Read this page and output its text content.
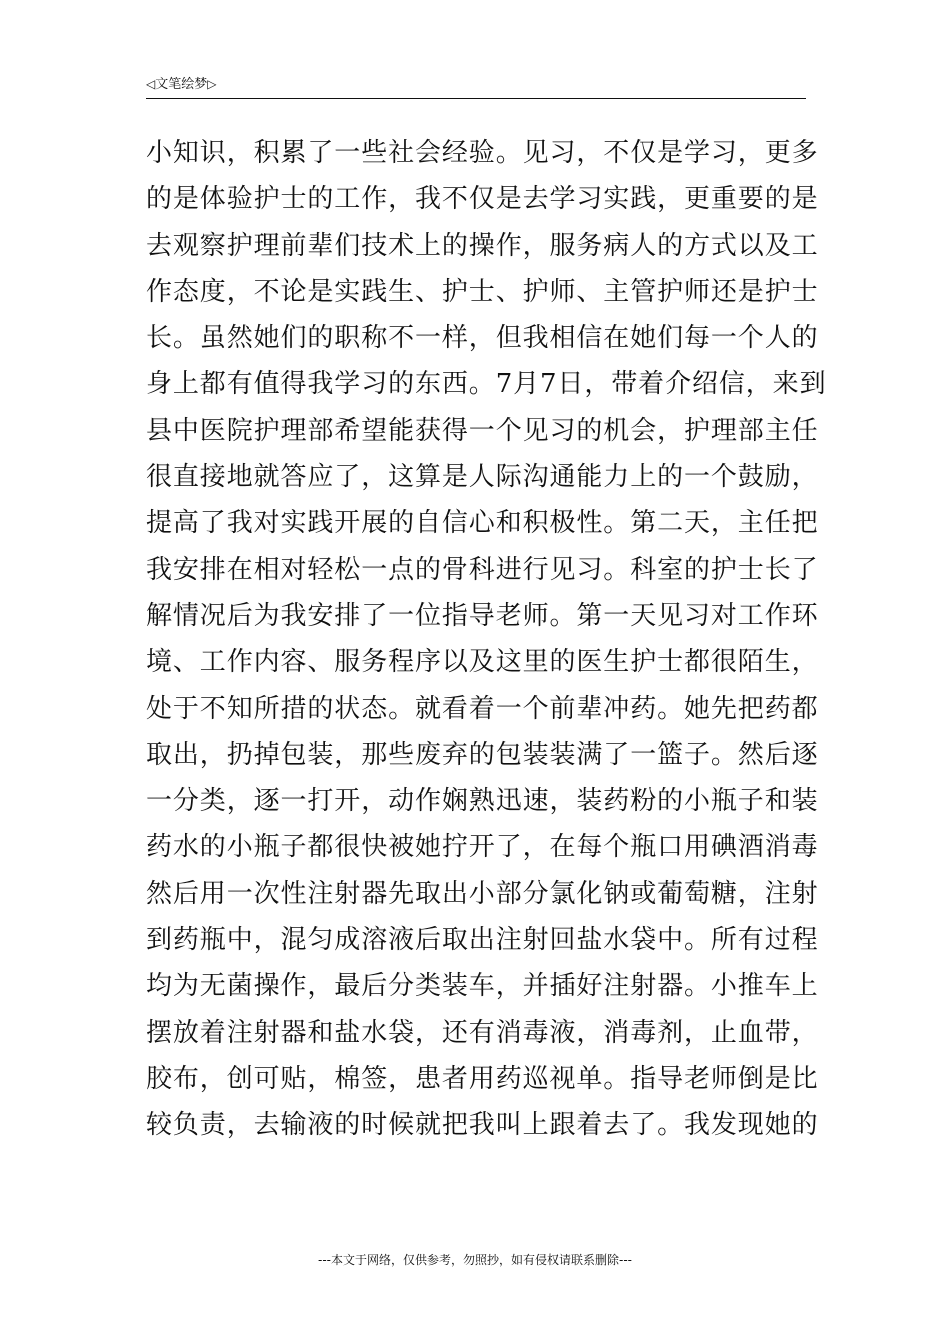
◁文笔绘梦▷
小知识，积累了一些社会经验。见习，不仅是学习，更多
的是体验护士的工作，我不仅是去学习实践，更重要的是
去观察护理前辈们技术上的操作，服务病人的方式以及工
作态度，不论是实践生、护士、护师、主管护师还是护士
长。虽然她们的职称不一样，但我相信在她们每一个人的
身上都有值得我学习的东西。7月7日，带着介绍信，来到
县中医院护理部希望能获得一个见习的机会，护理部主任
很直接地就答应了，这算是人际沟通能力上的一个鼓励，
提高了我对实践开展的自信心和积极性。第二天，主任把
我安排在相对轻松一点的骨科进行见习。科室的护士长了
解情况后为我安排了一位指导老师。第一天见习对工作环
境、工作内容、服务程序以及这里的医生护士都很陌生，
处于不知所措的状态。就看着一个前辈冲药。她先把药都
取出，扔掉包装，那些废弃的包装装满了一篮子。然后逐
一分类，逐一打开，动作娴熟迅速，装药粉的小瓶子和装
药水的小瓶子都很快被她拧开了，在每个瓶口用碘酒消毒
然后用一次性注射器先取出小部分氯化钠或葡萄糖，注射
到药瓶中，混匀成溶液后取出注射回盐水袋中。所有过程
均为无菌操作，最后分类装车，并插好注射器。小推车上
摆放着注射器和盐水袋，还有消毒液，消毒剂，止血带，
胶布，创可贴，棉签，患者用药巡视单。指导老师倒是比
较负责，去输液的时候就把我叫上跟着去了。我发现她的
---本文于网络，仅供参考，勿照抄，如有侵权请联系删除---
